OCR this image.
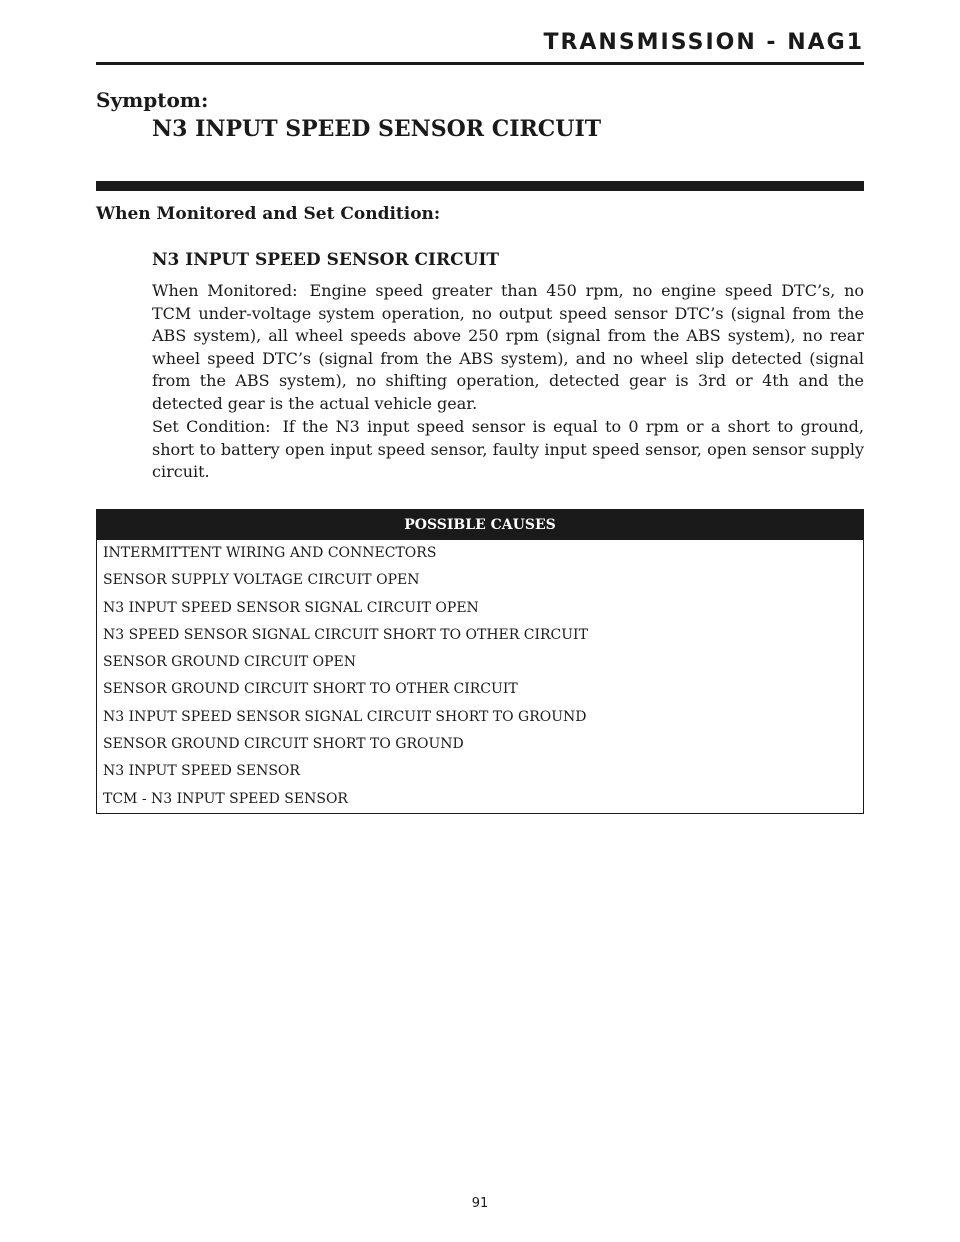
TRANSMISSION - NAG1
Symptom:
N3 INPUT SPEED SENSOR CIRCUIT
When Monitored and Set Condition:
N3 INPUT SPEED SENSOR CIRCUIT
When Monitored: Engine speed greater than 450 rpm, no engine speed DTC’s, no TCM under-voltage system operation, no output speed sensor DTC’s (signal from the ABS system), all wheel speeds above 250 rpm (signal from the ABS system), no rear wheel speed DTC’s (signal from the ABS system), and no wheel slip detected (signal from the ABS system), no shifting operation, detected gear is 3rd or 4th and the detected gear is the actual vehicle gear.
Set Condition: If the N3 input speed sensor is equal to 0 rpm or a short to ground, short to battery open input speed sensor, faulty input speed sensor, open sensor supply circuit.
POSSIBLE CAUSES
INTERMITTENT WIRING AND CONNECTORS
SENSOR SUPPLY VOLTAGE CIRCUIT OPEN
N3 INPUT SPEED SENSOR SIGNAL CIRCUIT OPEN
N3 SPEED SENSOR SIGNAL CIRCUIT SHORT TO OTHER CIRCUIT
SENSOR GROUND CIRCUIT OPEN
SENSOR GROUND CIRCUIT SHORT TO OTHER CIRCUIT
N3 INPUT SPEED SENSOR SIGNAL CIRCUIT SHORT TO GROUND
SENSOR GROUND CIRCUIT SHORT TO GROUND
N3 INPUT SPEED SENSOR
TCM - N3 INPUT SPEED SENSOR
91
